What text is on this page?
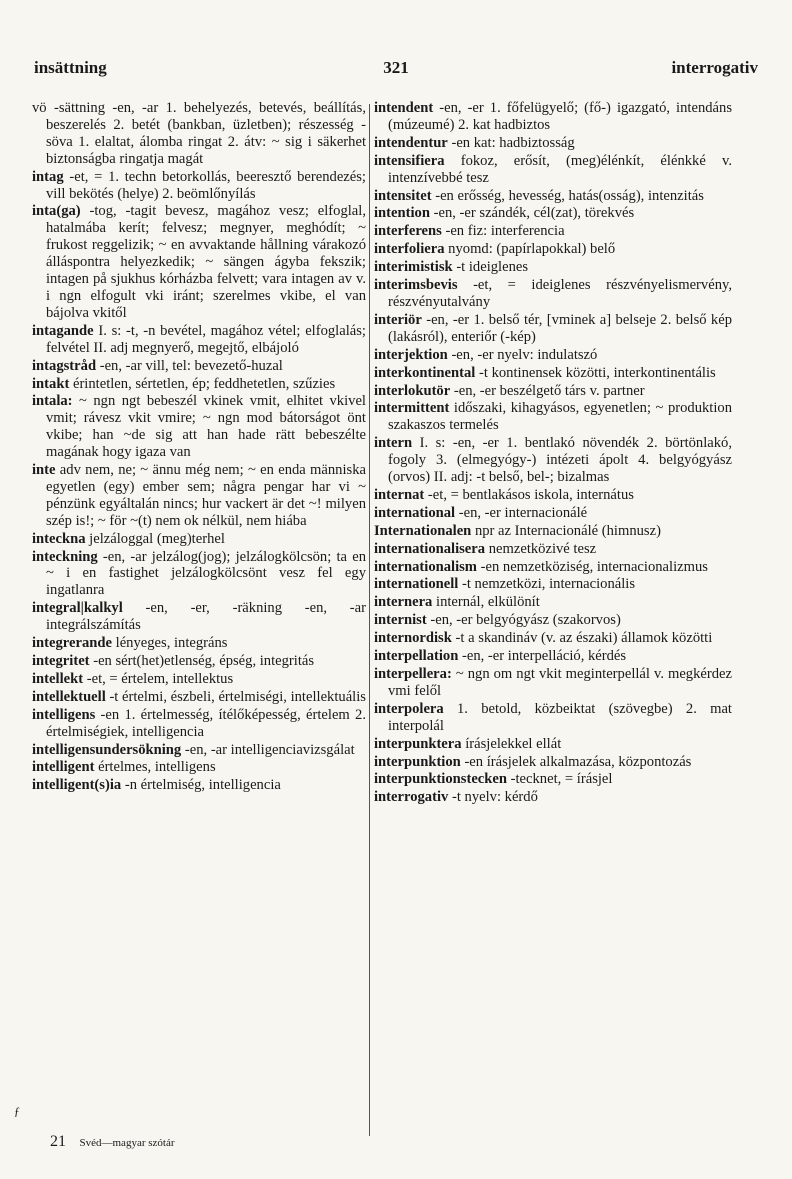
insättning	321	interrogativ
vö -sättning -en, -ar 1. behelyezés, betevés, beállítás, beszerelés 2. betét (bankban, üzletben); részesség -söva 1. elaltat, álomba ringat 2. átv: ~ sig i säkerhet biztonságba ringatja magát
intag -et, = 1. techn betorkollás, beeresztő berendezés; vill bekötés (helye) 2. beömlőnyílás
inta(ga) -tog, -tagit bevesz, magához vesz; elfoglal, hatalmába kerít; felvesz; megnyer, meghódít; ~ frukost reggelizik; ~ en avvaktande hållning várakozó álláspontra helyezkedik; ~ sängen ágyba fekszik; intagen på sjukhus kórházba felvett; vara intagen av v. i ngn elfogult vki iránt; szerelmes vkibe, el van bájolva vkitől
intagande I. s: -t, -n bevétel, magához vétel; elfoglalás; felvétel II. adj megnyerő, megejtő, elbájoló
intagstråd -en, -ar vill, tel: bevezető-huzal
intakt érintetlen, sértetlen, ép; feddhetetlen, szűzies
intala: ~ ngn ngt bebeszél vkinek vmit, elhitet vkivel vmit; rávesz vkit vmire; ~ ngn mod bátorságot önt vkibe; han ~de sig att han hade rätt bebeszélte magának hogy igaza van
inte adv nem, ne; ~ ännu még nem; ~ en enda människa egyetlen (egy) ember sem; några pengar har vi ~ pénzünk egyáltalán nincs; hur vackert är det ~! milyen szép is!; ~ för ~(t) nem ok nélkül, nem hiába
inteckna jelzáloggal (meg)terhel
inteckning -en, -ar jelzálog(jog); jelzálogkölcsön; ta en ~ i en fastighet jelzálogkölcsönt vesz fel egy ingatlanra
integral|kalkyl -en, -er, -räkning -en, -ar integrálszámítás
integrerande lényeges, integráns
integritet -en sért(het)etlenség, épség, integritás
intellekt -et, = értelem, intellektus
intellektuell -t értelmi, észbeli, értelmiségi, intellektuális
intelligens -en 1. értelmesség, ítélőképesség, értelem 2. értelmiségiek, intelligencia
intelligensundersökning -en, -ar intelligenciavizsgálat
intelligent értelmes, intelligens
intelligent(s)ia -n értelmiség, intelligencia
intendent -en, -er 1. főfelügyelő; (fő-) igazgató, intendáns (múzeumé) 2. kat hadbiztos
intendentur -en kat: hadbiztosság
intensifiera fokoz, erősít, (meg)élénkít, élénkké v. intenzívebbé tesz
intensitet -en erősség, hevesség, hatás(osság), intenzitás
intention -en, -er szándék, cél(zat), törekvés
interferens -en fiz: interferencia
interfoliera nyomd: (papírlapokkal) belő
interimistisk -t ideiglenes
interimsbevis -et, = ideiglenes részvényelismervény, részvényutalvány
interiör -en, -er 1. belső tér, [vminek a] belseje 2. belső kép (lakásról), enteriőr (-kép)
interjektion -en, -er nyelv: indulatszó
interkontinental -t kontinensek közötti, interkontinentális
interlokutör -en, -er beszélgető társ v. partner
intermittent időszaki, kihagyásos, egyenetlen; ~ produktion szakaszos termelés
intern I. s: -en, -er 1. bentlakó növendék 2. börtönlakó, fogoly 3. (elmegyógy-) intézeti ápolt 4. belgyógyász (orvos) II. adj: -t belső, bel-; bizalmas
internat -et, = bentlakásos iskola, internátus
international -en, -er internacionálé
Internationalen npr az Internacionálé (himnusz)
internationalisera nemzetközivé tesz
internationalism -en nemzetköziség, internacionalizmus
internationell -t nemzetközi, internacionális
internera internál, elkülönít
internist -en, -er belgyógyász (szakorvos)
internordisk -t a skandináv (v. az északi) államok közötti
interpellation -en, -er interpelláció, kérdés
interpellera: ~ ngn om ngt vkit meginterpellál v. megkérdez vmi felől
interpolera 1. betold, közbeiktat (szövegbe) 2. mat interpolál
interpunktera írásjelekkel ellát
interpunktion -en írásjelek alkalmazása, központozás
interpunktionstecken -tecknet, = írásjel
interrogativ -t nyelv: kérdő
ƒ
21 Svéd—magyar szótár
